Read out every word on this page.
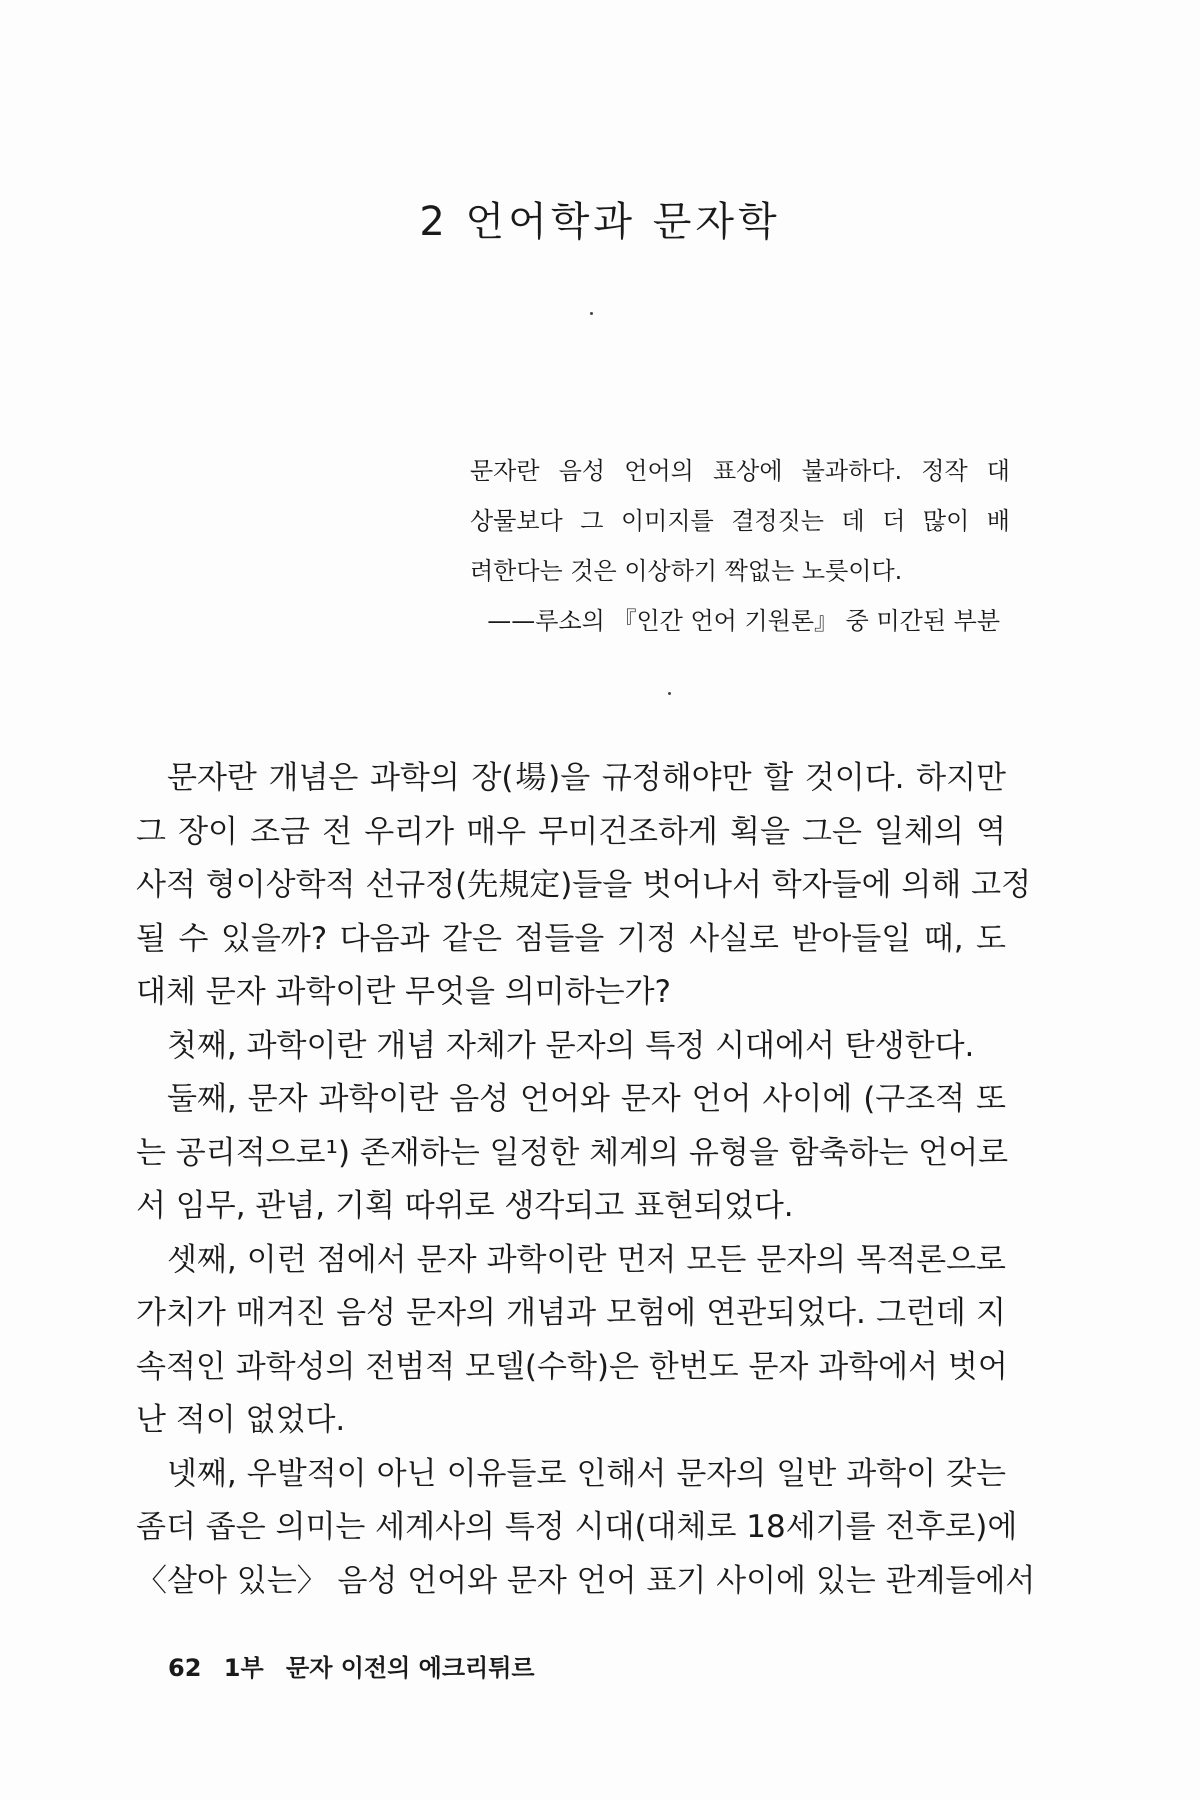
2 언어학과 문자학

문자란 음성 언어의 표상에 불과하다. 정작 대

상물보다 그 이미지를 결정짓는 데 더 많이 배

려한다는 것은 이상하기 짝없는 노릇이다.

——루소의 『인간 언어 기원론』 중 미간된 부분
문자란 개념은 과학의 장(場)을 규정해야만 할 것이다. 하지만
그 장이 조금 전 우리가 매우 무미건조하게 획을 그은 일체의 역
사적 형이상학적 선규정(先規定)들을 벗어나서 학자들에 의해 고정
될 수 있을까? 다음과 같은 점들을 기정 사실로 받아들일 때, 도
대체 문자 과학이란 무엇을 의미하는가?
첫째, 과학이란 개념 자체가 문자의 특정 시대에서 탄생한다.
둘째, 문자 과학이란 음성 언어와 문자 언어 사이에 (구조적 또
는 공리적으로¹) 존재하는 일정한 체계의 유형을 함축하는 언어로
서 임무, 관념, 기획 따위로 생각되고 표현되었다.
셋째, 이런 점에서 문자 과학이란 먼저 모든 문자의 목적론으로
가치가 매겨진 음성 문자의 개념과 모험에 연관되었다. 그런데 지
속적인 과학성의 전범적 모델(수학)은 한번도 문자 과학에서 벗어
난 적이 없었다.
넷째, 우발적이 아닌 이유들로 인해서 문자의 일반 과학이 갖는
좀더 좁은 의미는 세계사의 특정 시대(대체로 18세기를 전후로)에
〈살아 있는〉 음성 언어와 문자 언어 표기 사이에 있는 관계들에서
62 1부 문자 이전의 에크리튀르
